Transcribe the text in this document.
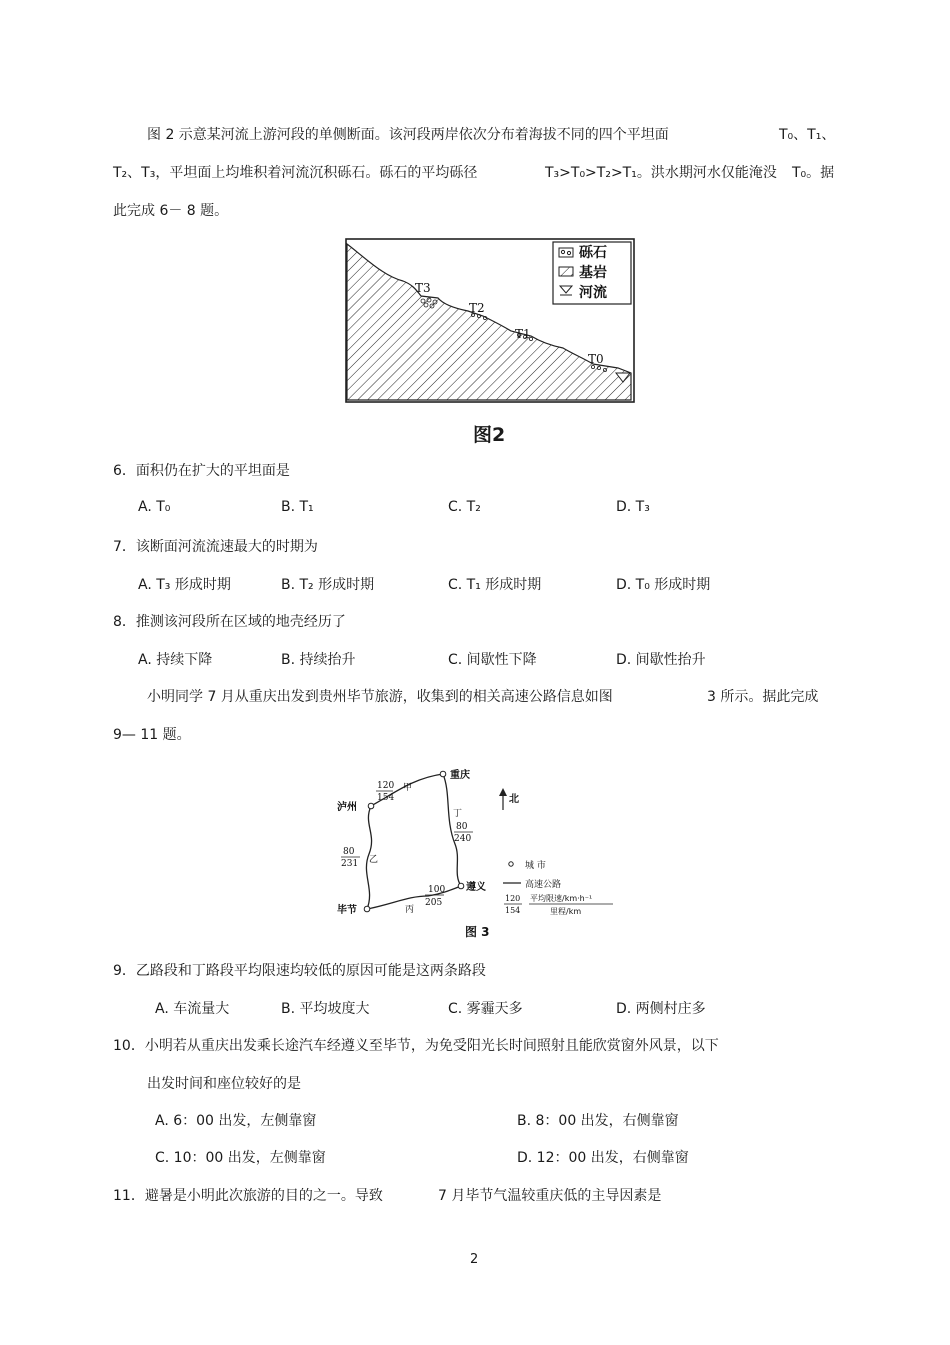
图 2 示意某河流上游河段的单侧断面。该河段两岸依次分布着海拔不同的四个平坦面	T₀、T₁、
T₂、T₃，平坦面上均堆积着河流沉积砾石。砾石的平均砾径	T₃>T₀>T₂>T₁。洪水期河水仅能淹没 T₀。据
此完成 6－ 8 题。
砾石
基岩
河流
T3
T2
T1
T0
图2
6．面积仍在扩大的平坦面是
A. T₀	B. T₁	C. T₂	D. T₃
7．该断面河流流速最大的时期为
A. T₃ 形成时期	B. T₂ 形成时期	C. T₁ 形成时期	D. T₀ 形成时期
8．推测该河段所在区域的地壳经历了
A. 持续下降	B. 持续抬升	C. 间歇性下降	D. 间歇性抬升
小明同学 7 月从重庆出发到贵州毕节旅游，收集到的相关高速公路信息如图	3 所示。据此完成
9— 11 题。
重庆
泸州
遵义
毕节
120
154
甲
丁
80
240
80
231 乙
100
205
丙
北
城 市
高速公路
120
154
平均限速/km·h⁻¹
里程/km
图 3
9．乙路段和丁路段平均限速均较低的原因可能是这两条路段
A. 车流量大	B. 平均坡度大	C. 雾霾天多	D. 两侧村庄多
10．小明若从重庆出发乘长途汽车经遵义至毕节，为免受阳光长时间照射且能欣赏窗外风景，以下
出发时间和座位较好的是
A. 6：00 出发，左侧靠窗	B. 8：00 出发，右侧靠窗
C. 10：00 出发，左侧靠窗	D. 12：00 出发，右侧靠窗
11．避暑是小明此次旅游的目的之一。导致	7 月毕节气温较重庆低的主导因素是
2
